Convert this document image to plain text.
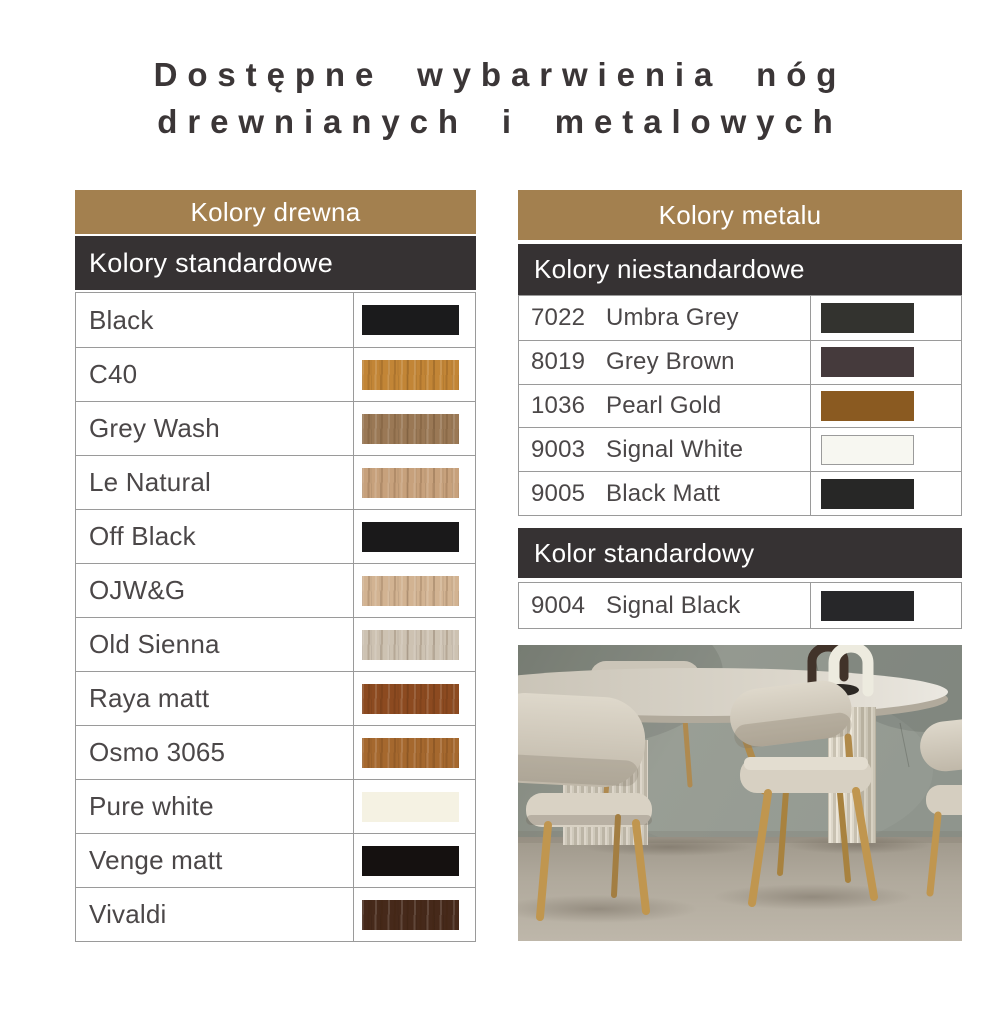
Dostępne wybarwienia nóg
drewnianych i metalowych
Kolory drewna
Kolory standardowe
Black
C40
Grey Wash
Le Natural
Off Black
OJW&G
Old Sienna
Raya matt
Osmo 3065
Pure white
Venge matt
Vivaldi
Kolory metalu
Kolory niestandardowe
7022 Umbra Grey
8019 Grey Brown
1036 Pearl Gold
9003 Signal White
9005 Black Matt
Kolor standardowy
9004 Signal Black
